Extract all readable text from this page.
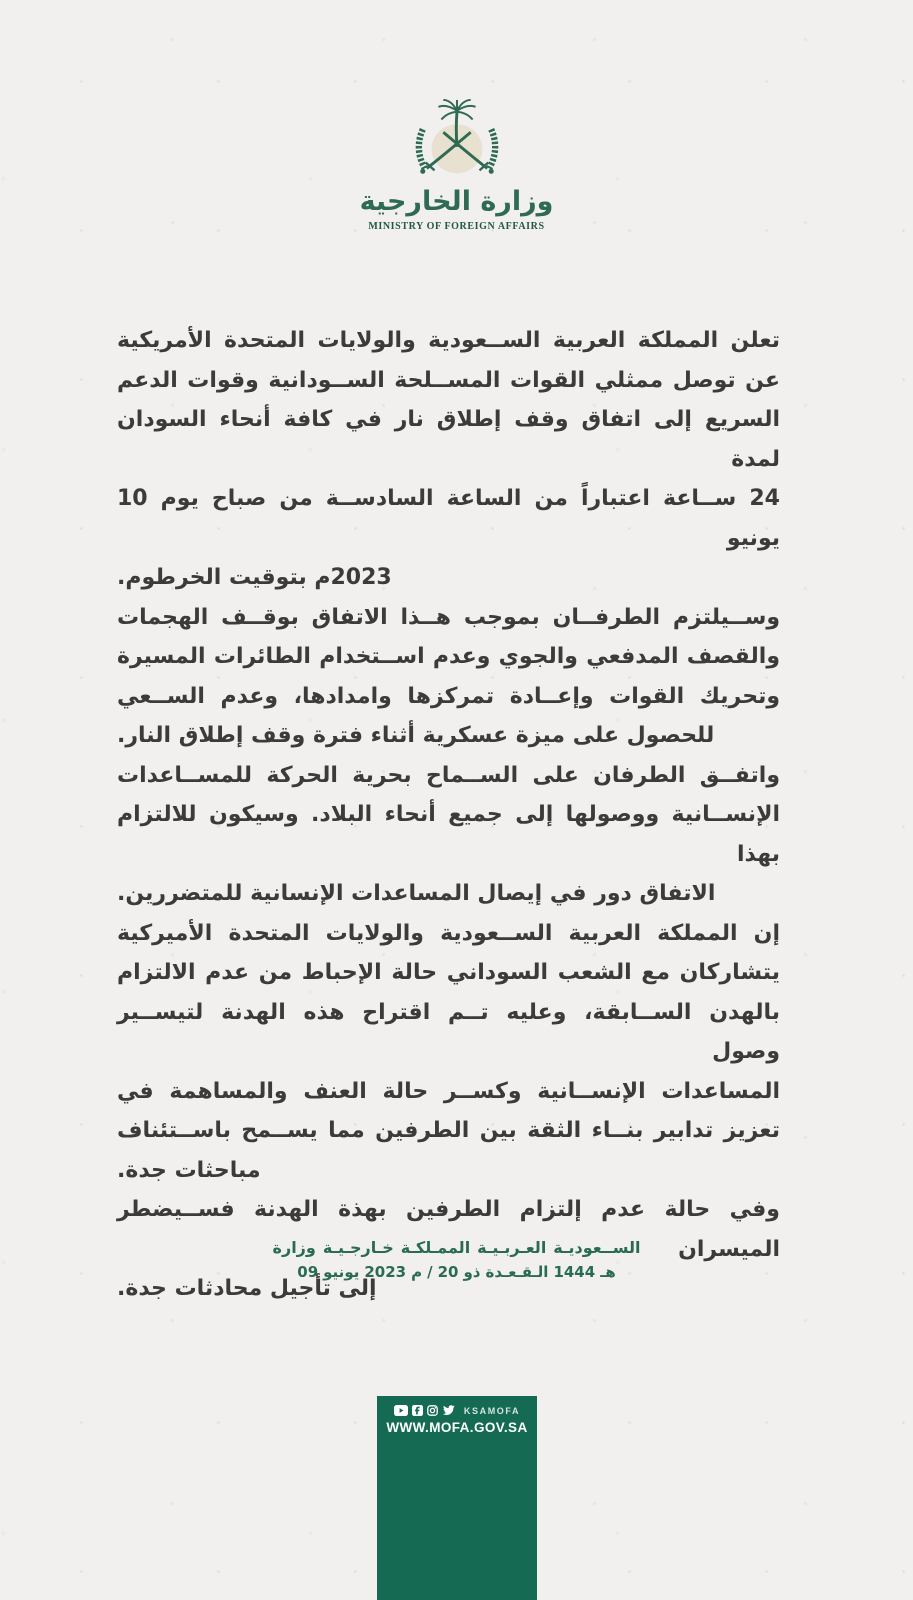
وزارة الخارجية
MINISTRY OF FOREIGN AFFAIRS
تعلن المملكة العربية الســعودية والولايات المتحدة الأمريكية
عن توصل ممثلي القوات المســلحة الســودانية وقوات الدعم
السريع إلى اتفاق وقف إطلاق نار في كافة أنحاء السودان لمدة
24 ســاعة اعتباراً من الساعة السادســة من صباح يوم 10 يونيو
2023م بتوقيت الخرطوم.
وســيلتزم الطرفــان بموجب هــذا الاتفاق بوقــف الهجمات
والقصف المدفعي والجوي وعدم اســتخدام الطائرات المسيرة
وتحريك القوات وإعــادة تمركزها وامدادها، وعدم الســعي
للحصول على ميزة عسكرية أثناء فترة وقف إطلاق النار.
واتفــق الطرفان على الســماح بحرية الحركة للمســاعدات
الإنســانية ووصولها إلى جميع أنحاء البلاد. وسيكون للالتزام بهذا
الاتفاق دور في إيصال المساعدات الإنسانية للمتضررين.
إن المملكة العربية الســعودية والولايات المتحدة الأميركية
يتشاركان مع الشعب السوداني حالة الإحباط من عدم الالتزام
بالهدن الســابقة، وعليه تــم اقتراح هذه الهدنة لتيســير وصول
المساعدات الإنســانية وكســر حالة العنف والمساهمة في
تعزيز تدابير بنــاء الثقة بين الطرفين مما يســمح باســتئناف
مباحثات جدة.
وفي حالة عدم إلتزام الطرفين بهذة الهدنة فســيضطر الميسران
إلى تأجيل محادثات جدة.
وزارة خـارجـيـة الممـلكـة العـربـيـة الســعوديـة
09 يونيو 2023 م / 20 ذو الـقـعـدة 1444 هـ
KSAMOFA
WWW.MOFA.GOV.SA
